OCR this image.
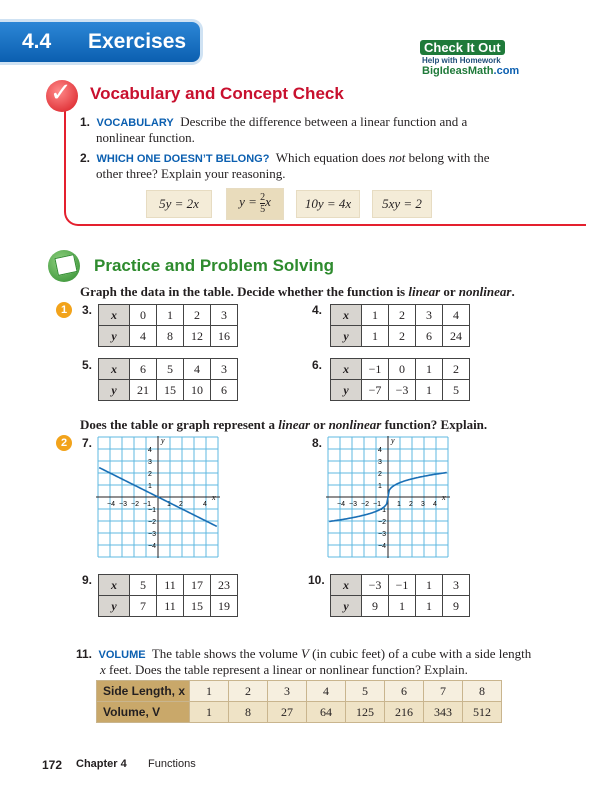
4.4 Exercises	Check It Out
Help with Homework
BigIdeasMath.com
✓ Vocabulary and Concept Check
1. VOCABULARY Describe the difference between a linear function and a
nonlinear function.
2. WHICH ONE DOESN’T BELONG? Which equation does not belong with the
other three? Explain your reasoning.
5y = 2x	$y = \frac{2}{5}$ x	10y = 4x	5xy = 2
Practice and Problem Solving
Graph the data in the table. Decide whether the function is linear or nonlinear.
1	3. x	0	1	2	3
y	4	8	12	16
4. x	1	2	3	4
y	1	2	6	24
5. x	6	5	4	3
y	21	15	10	6
6. x	−1	0	1	2
y	−7	−3	1	5
Does the table or graph represent a linear or nonlinear function? Explain.
2	7.
x
y
−4 −3 −2 −1 1 2	4
4
3
2
1
−1
−2
−3
−4
8.
x
y
−4 −3 −2 −1 1 2 3 4
4
3
2
1
−1
−2
−3
−4
9. x	5	11	17	23
y	7	11	15	19
10. x	−3	−1	1	3
y	9	1	1	9
11. VOLUME The table shows the volume V (in cubic feet) of a cube with a side length
x feet. Does the table represent a linear or nonlinear function? Explain.
Side Length, x	1	2	3	4	5	6	7	8
Volume, V	1	8	27	64	125	216	343	512
172 Chapter 4 Functions
